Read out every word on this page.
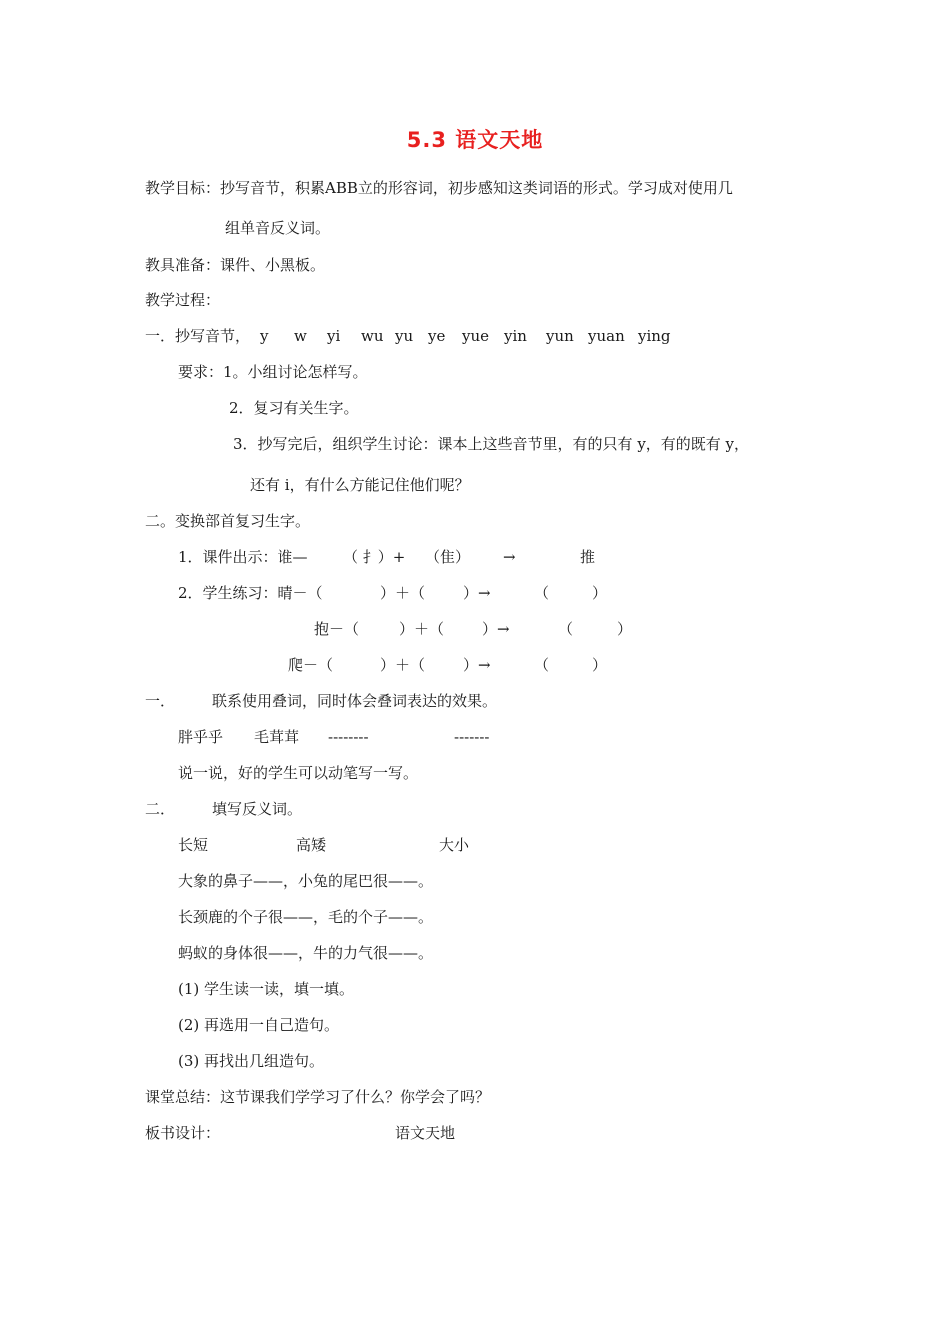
5.3 语文天地
教学目标：抄写音节，积累ABB立的形容词，初步感知这类词语的形式。学习成对使用几
组单音反义词。
教具准备：课件、小黑板。
教学过程：
一．抄写音节， y w yi wu yu ye yue yin yun yuan ying
要求：1。小组讨论怎样写。
2．复习有关生字。
3．抄写完后，组织学生讨论：课本上这些音节里，有的只有 y，有的既有 y，
还有 i，有什么方能记住他们呢？
二。变换部首复习生字。
1．课件出示：谁— （ 扌）+ （隹） →	推
2．学生练习：晴－（	）＋（	）→	（	）
抱－（	）＋（	）→	（	）
爬－（	）＋（	）→	（	）
一． 联系使用叠词，同时体会叠词表达的效果。
胖乎乎 毛茸茸 --------	-------
说一说，好的学生可以动笔写一写。
二． 填写反义词。
长短	高矮	大小
大象的鼻子——，小兔的尾巴很——。
长颈鹿的个子很——，毛的个子——。
蚂蚁的身体很——，牛的力气很——。
(1) 学生读一读，填一填。
(2) 再选用一自己造句。
(3) 再找出几组造句。
课堂总结：这节课我们学学习了什么？你学会了吗？
板书设计：	语文天地
